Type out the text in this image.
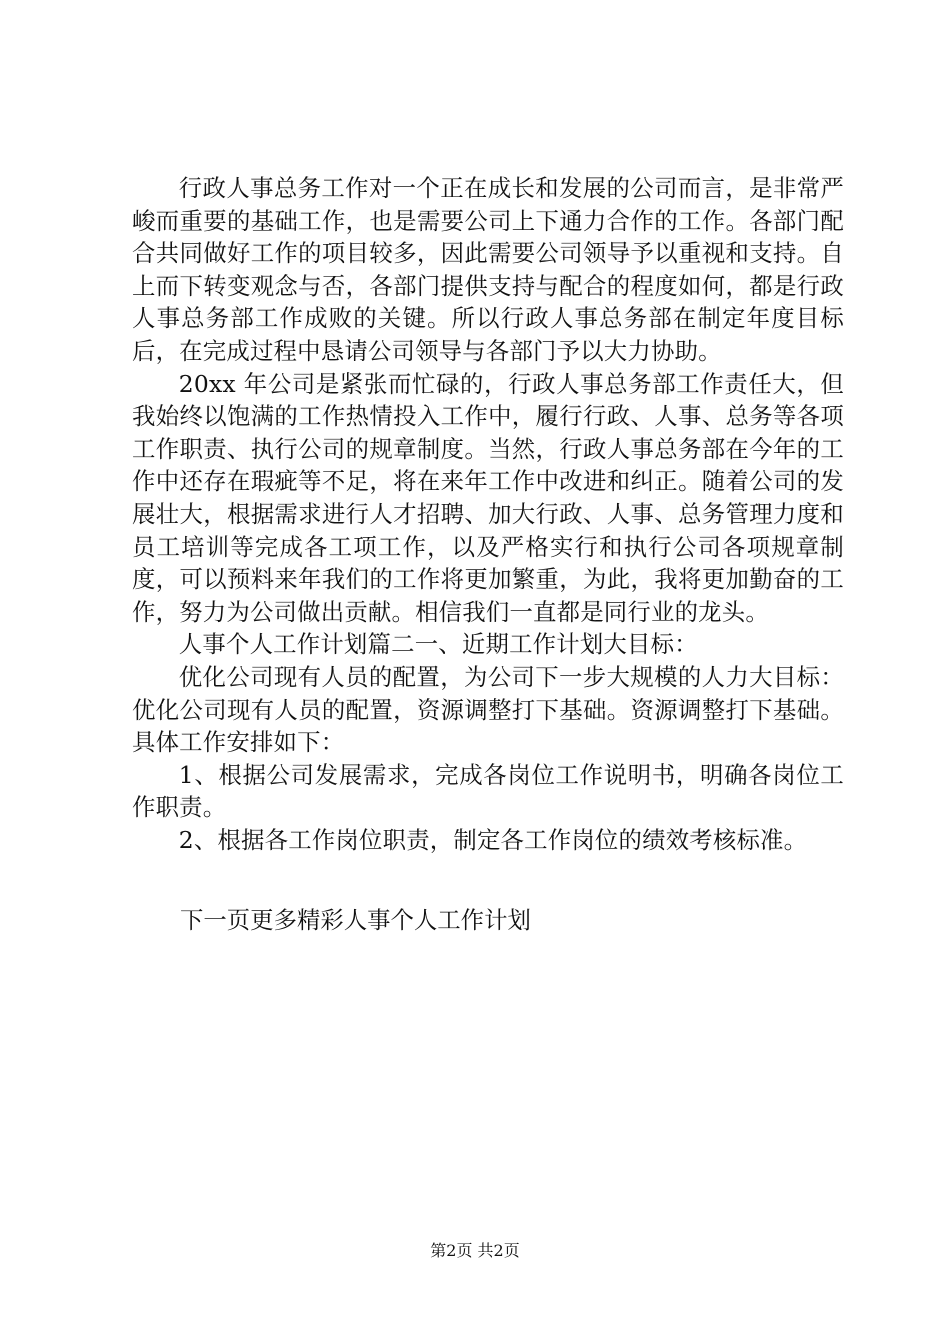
行政人事总务工作对一个正在成长和发展的公司而言，是非常严峻而重要的基础工作，也是需要公司上下通力合作的工作。各部门配合共同做好工作的项目较多，因此需要公司领导予以重视和支持。自上而下转变观念与否，各部门提供支持与配合的程度如何，都是行政人事总务部工作成败的关键。所以行政人事总务部在制定年度目标后，在完成过程中恳请公司领导与各部门予以大力协助。

20xx 年公司是紧张而忙碌的，行政人事总务部工作责任大，但我始终以饱满的工作热情投入工作中，履行行政、人事、总务等各项工作职责、执行公司的规章制度。当然，行政人事总务部在今年的工作中还存在瑕疵等不足，将在来年工作中改进和纠正。随着公司的发展壮大，根据需求进行人才招聘、加大行政、人事、总务管理力度和员工培训等完成各工项工作，以及严格实行和执行公司各项规章制度，可以预料来年我们的工作将更加繁重，为此，我将更加勤奋的工作，努力为公司做出贡献。相信我们一直都是同行业的龙头。

人事个人工作计划篇二一、近期工作计划大目标：

优化公司现有人员的配置，为公司下一步大规模的人力大目标：优化公司现有人员的配置，资源调整打下基础。资源调整打下基础。具体工作安排如下：

1、根据公司发展需求，完成各岗位工作说明书，明确各岗位工作职责。

2、根据各工作岗位职责，制定各工作岗位的绩效考核标准。

下一页更多精彩人事个人工作计划
第2页 共2页
